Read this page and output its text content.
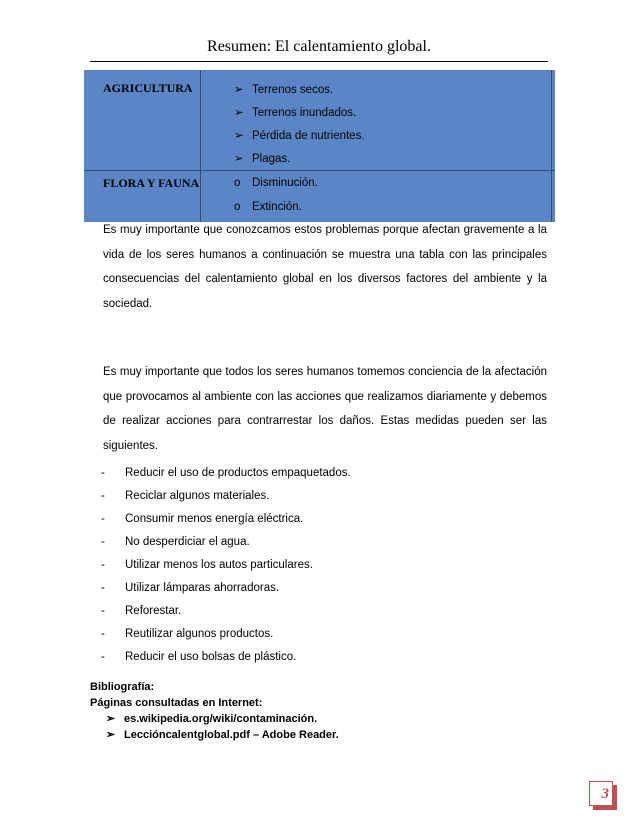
Resumen: El calentamiento global.
AGRICULTURA	➢ Terrenos secos.
➢ Terrenos inundados.
➢ Pérdida de nutrientes.
➢ Plagas.
FLORA Y FAUNA	o Disminución.
o Extinción.

Es muy importante que conozcamos estos problemas porque afectan gravemente a la vida de los seres humanos a continuación se muestra una tabla con las principales consecuencias del calentamiento global en los diversos factores del ambiente y la sociedad.

Es muy importante que todos los seres humanos tomemos conciencia de la afectación que provocamos al ambiente con las acciones que realizamos diariamente y debemos de realizar acciones para contrarrestar los daños. Estas medidas pueden ser las siguientes.

-	Reducir el uso de productos empaquetados.
-	Reciclar algunos materiales.
-	Consumir menos energía eléctrica.
-	No desperdiciar el agua.
-	Utilizar menos los autos particulares.
-	Utilizar lámparas ahorradoras.
-	Reforestar.
-	Reutilizar algunos productos.
-	Reducir el uso bolsas de plástico.
Bibliografía:
Páginas consultadas en Internet:
➢ es.wikipedia.org/wiki/contaminación.
➢ Leccióncalentglobal.pdf – Adobe Reader.
3
